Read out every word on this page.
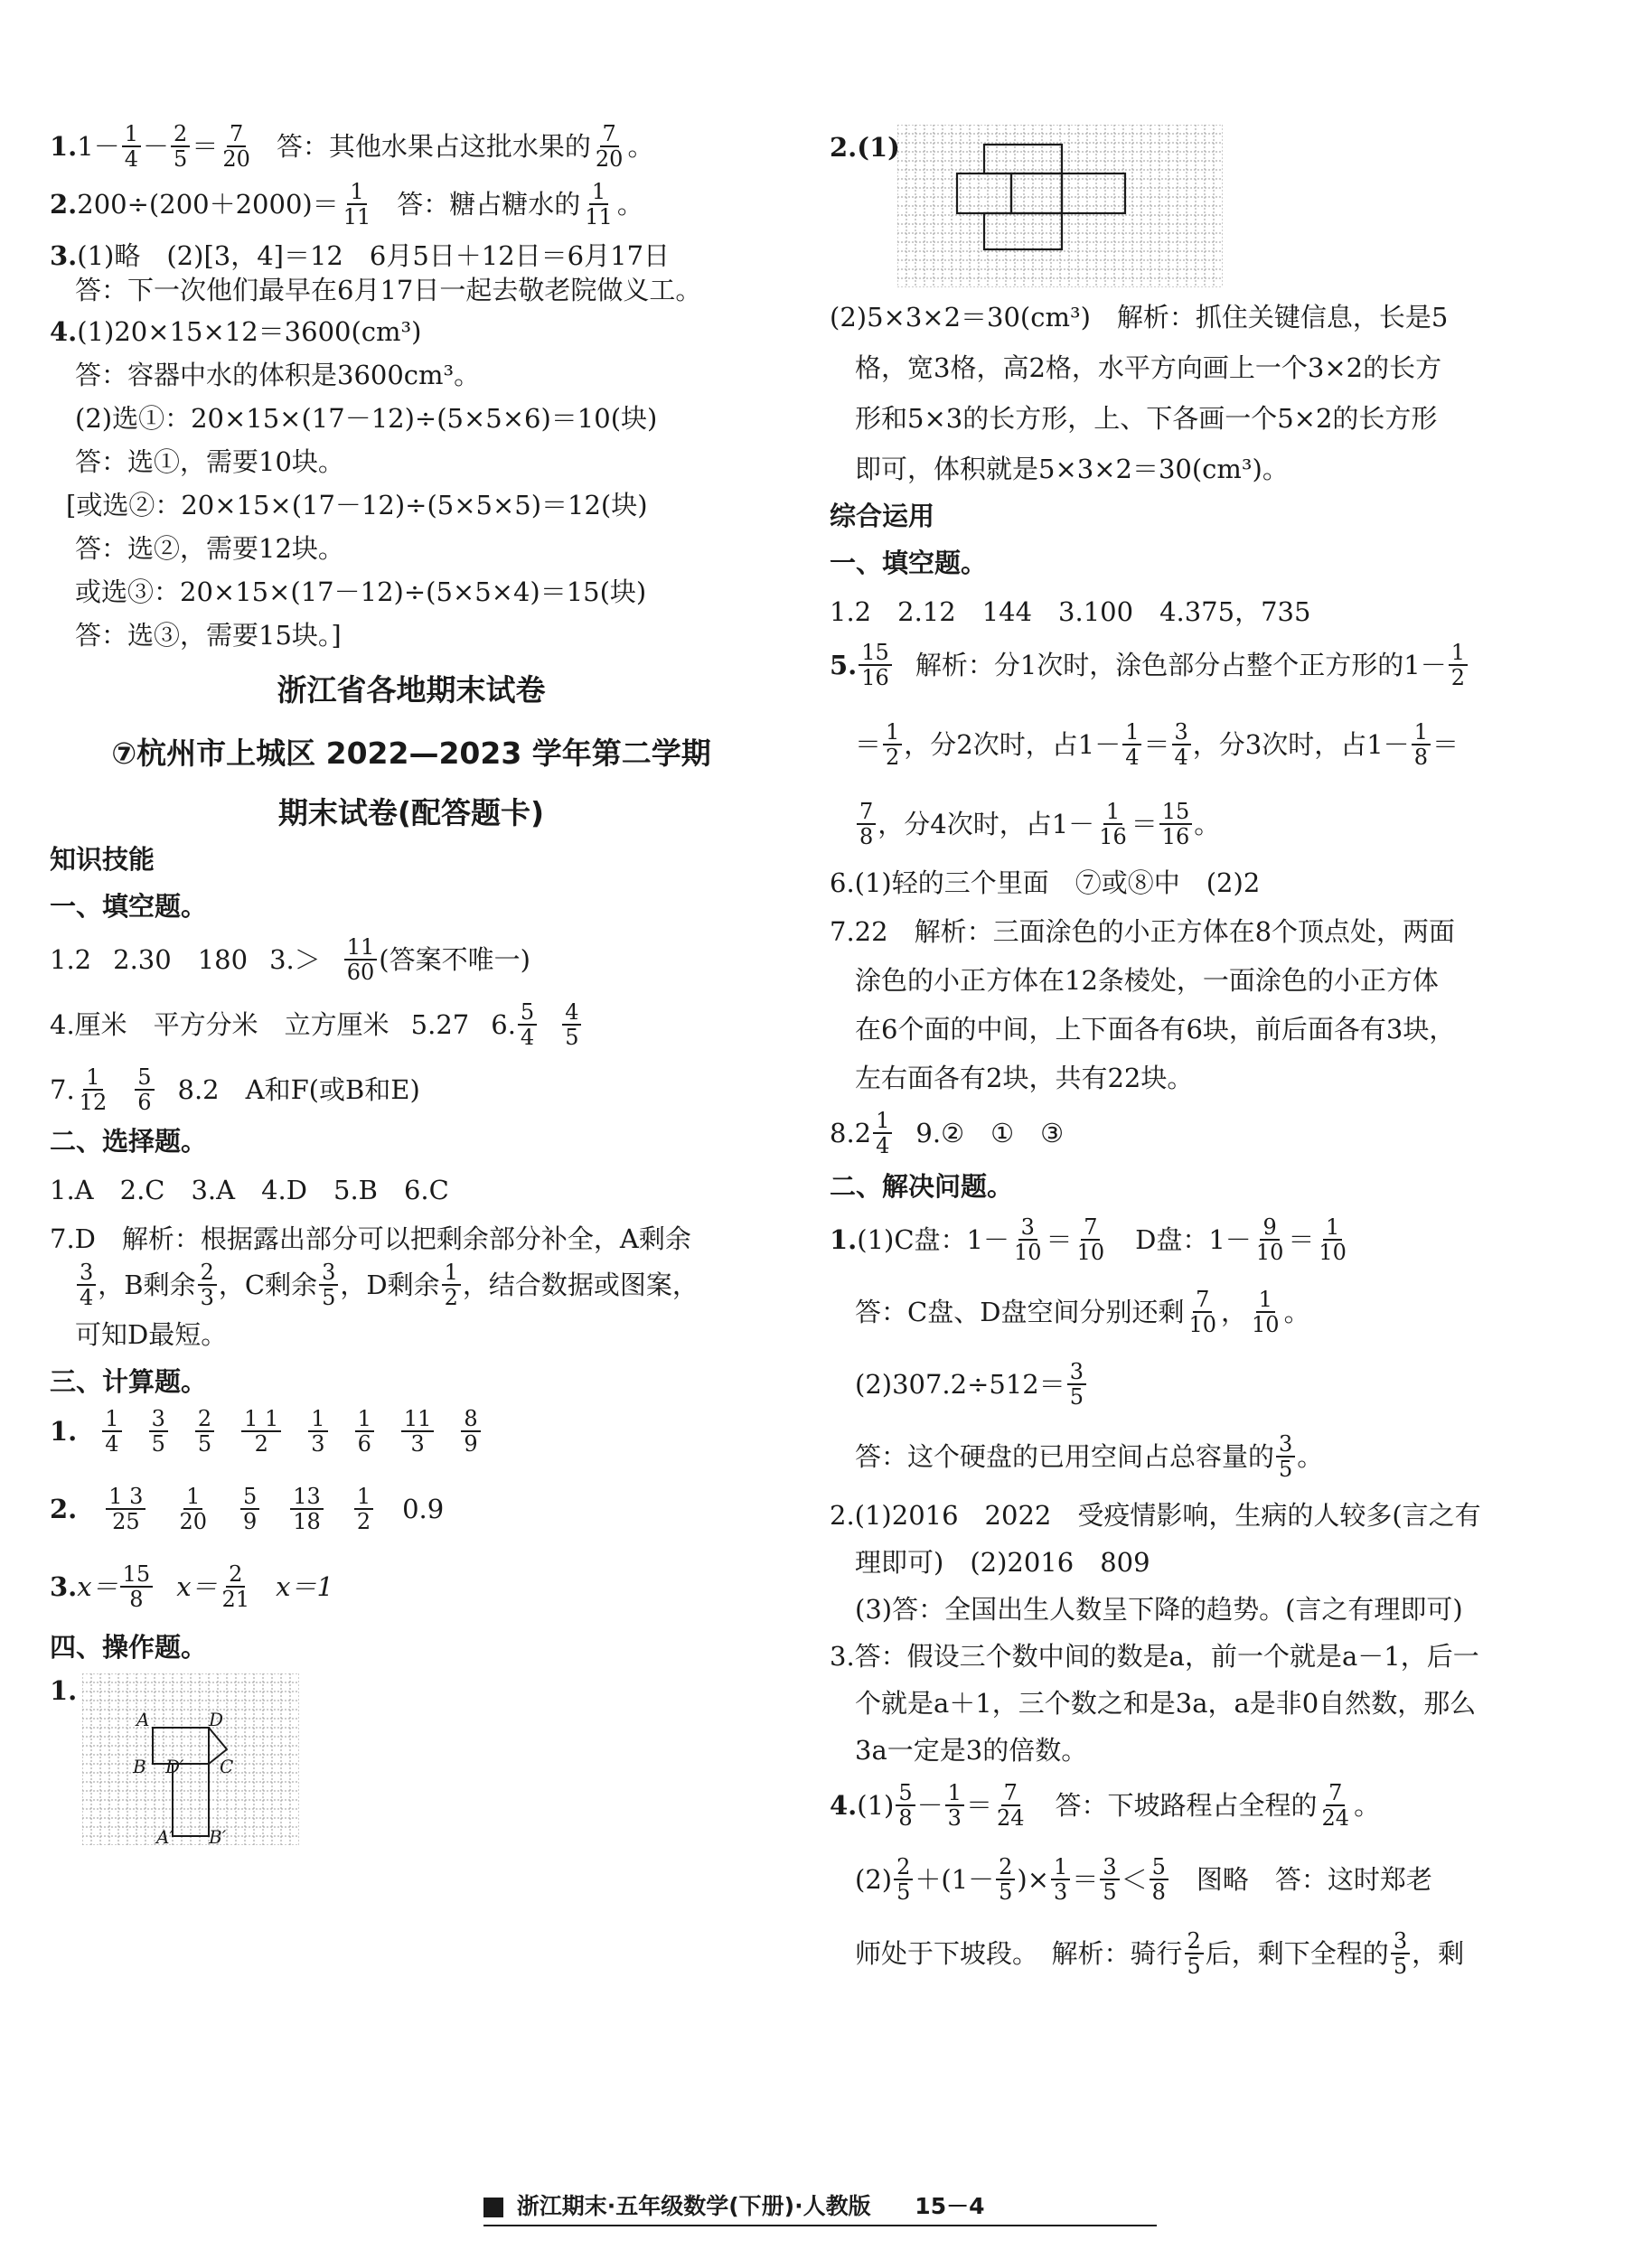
1. $1- \frac{1}{4} - \frac{2}{5} = \frac{7}{20}$ 答：其他水果占这批水果的 $\frac{7}{20}$ 。
2. $200\div(200+2000)= \frac{1}{11}$ 答：糖占糖水的 $\frac{1}{11}$ 。

3.(1)略　(2)[3，4]＝12　6月5日＋12日＝6月17日

答：下一次他们最早在6月17日一起去敬老院做义工。

4.(1)20×15×12＝3600(cm³)

答：容器中水的体积是3600cm³。

(2)选①：20×15×(17－12)÷(5×5×6)＝10(块)

答：选①，需要10块。

[或选②：20×15×(17－12)÷(5×5×5)＝12(块)

答：选②，需要12块。

或选③：20×15×(17－12)÷(5×5×4)＝15(块)

答：选③，需要15块。]

浙江省各地期末试卷
⑦杭州市上城区 2022—2023 学年第二学期
期末试卷(配答题卡)

知识技能

一、填空题。

1.2 2.30　180 $3.> \frac{11}{60}$ (答案不唯一)
4.厘米　平方分米　立方厘米 5.27 6. $\frac{5}{4} \frac{4}{5}$
7. $\frac{1}{12} \frac{5}{6} 8.2$　A和F(或B和E)

二、选择题。

1.A　2.C　3.A　4.D　5.B　6.C

7.D　解析：根据露出部分可以把剩余部分补全，A剩余

$\frac{3}{4}$ ，B剩余 $\frac{2}{3}$ ，C剩余 $\frac{3}{5}$ ，D剩余 $\frac{1}{2}$ ，结合数据或图案，

可知D最短。

三、计算题。

1. $\frac{1}{4} \frac{3}{5} \frac{2}{5} \frac{1 1}{2} \frac{1}{3} \frac{1}{6} \frac{11}{3} \frac{8}{9}$
2. $\frac{1 3}{25} \frac{1}{20} \frac{5}{9} \frac{13}{18} \frac{1}{2} 0.9$
3. $x= \frac{15}{8} x= \frac{2}{21} x=1$

四、操作题。

1.
A	D
B D′ C
A′ B′
2.(1)

(2)5×3×2＝30(cm³)　解析：抓住关键信息，长是5

格，宽3格，高2格，水平方向画上一个3×2的长方

形和5×3的长方形，上、下各画一个5×2的长方形

即可，体积就是5×3×2＝30(cm³)。

综合运用

一、填空题。

1.2　2.12　144　3.100　4.375，735

5. $\frac{15}{16}$ 解析：分1次时，涂色部分占整个正方形的$1- \frac{1}{2}$
＝ $\frac{1}{2}$ ，分2次时，占$1- \frac{1}{4} = \frac{3}{4}$ ，分3次时，占$1- \frac{1}{8}$ ＝
$\frac{7}{8}$ ，分4次时，占$1- \frac{1}{16} = \frac{15}{16}$ 。

6.(1)轻的三个里面　⑦或⑧中　(2)2

7.22　解析：三面涂色的小正方体在8个顶点处，两面

涂色的小正方体在12条棱处，一面涂色的小正方体

在6个面的中间，上下面各有6块，前后面各有3块，

左右面各有2块，共有22块。

$8.2 \frac{1}{4}$ 9.②　①　③

二、解决问题。

1. (1)C盘：$1- \frac{3}{10} = \frac{7}{10}$ 　D盘：$1- \frac{9}{10} = \frac{1}{10}$
答：C盘、D盘空间分别还剩 $\frac{7}{10}$ ， $\frac{1}{10}$ 。
$(2)307.2\div 512= \frac{3}{5}$
答：这个硬盘的已用空间占总容量的 $\frac{3}{5}$ 。

2.(1)2016　2022　受疫情影响，生病的人较多(言之有

理即可)　(2)2016　809

(3)答：全国出生人数呈下降的趋势。(言之有理即可)

3.答：假设三个数中间的数是a，前一个就是a－1，后一

个就是a＋1，三个数之和是3a，a是非0自然数，那么

3a一定是3的倍数。

4. $(1) \frac{5}{8} - \frac{1}{3} = \frac{7}{24}$ 　答：下坡路程占全程的 $\frac{7}{24}$ 。
$(2) \frac{2}{5} +(1- \frac{2}{5}$ )× $\frac{1}{3} = \frac{3}{5} < \frac{5}{8}$ 　图略　答：这时郑老
师处于下坡段。　解析：骑行 $\frac{2}{5}$ 后，剩下全程的 $\frac{3}{5}$ ，剩
浙江期末·五年级数学(下册)·人教版 15－4
